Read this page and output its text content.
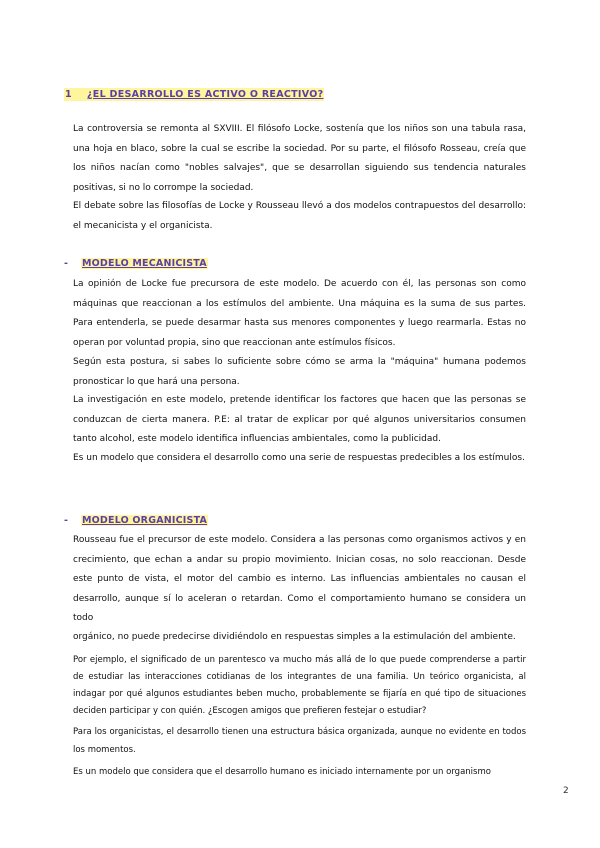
1 ¿EL DESARROLLO ES ACTIVO O REACTIVO?
La controversia se remonta al SXVIII. El filósofo Locke, sostenía que los niños son una tabula rasa, una hoja en blaco, sobre la cual se escribe la sociedad. Por su parte, el filósofo Rosseau, creía que los niños nacían como "nobles salvajes", que se desarrollan siguiendo sus tendencia naturales positivas, si no lo corrompe la sociedad.
El debate sobre las filosofías de Locke y Rousseau llevó a dos modelos contrapuestos del desarrollo: el mecanicista y el organicista.
- MODELO MECANICISTA
La opinión de Locke fue precursora de este modelo. De acuerdo con él, las personas son como máquinas que reaccionan a los estímulos del ambiente. Una máquina es la suma de sus partes. Para entenderla, se puede desarmar hasta sus menores componentes y luego rearmarla. Estas no operan por voluntad propia, sino que reaccionan ante estímulos físicos.
Según esta postura, si sabes lo suficiente sobre cómo se arma la "máquina" humana podemos pronosticar lo que hará una persona.
La investigación en este modelo, pretende identificar los factores que hacen que las personas se conduzcan de cierta manera. P.E: al tratar de explicar por qué algunos universitarios consumen tanto alcohol, este modelo identifica influencias ambientales, como la publicidad.
Es un modelo que considera el desarrollo como una serie de respuestas predecibles a los estímulos.
- MODELO ORGANICISTA
Rousseau fue el precursor de este modelo. Considera a las personas como organismos activos y en crecimiento, que echan a andar su propio movimiento. Inician cosas, no solo reaccionan. Desde este punto de vista, el motor del cambio es interno. Las influencias ambientales no causan el desarrollo, aunque sí lo aceleran o retardan. Como el comportamiento humano se considera un todo
orgánico, no puede predecirse dividiéndolo en respuestas simples a la estimulación del ambiente.
Por ejemplo, el significado de un parentesco va mucho más allá de lo que puede comprenderse a partir de estudiar las interacciones cotidianas de los integrantes de una familia. Un teórico organicista, al indagar por qué algunos estudiantes beben mucho, probablemente se fijaría en qué tipo de situaciones deciden participar y con quién. ¿Escogen amigos que prefieren festejar o estudiar?
Para los organicistas, el desarrollo tienen una estructura básica organizada, aunque no evidente en todos los momentos.
Es un modelo que considera que el desarrollo humano es iniciado internamente por un organismo
2
